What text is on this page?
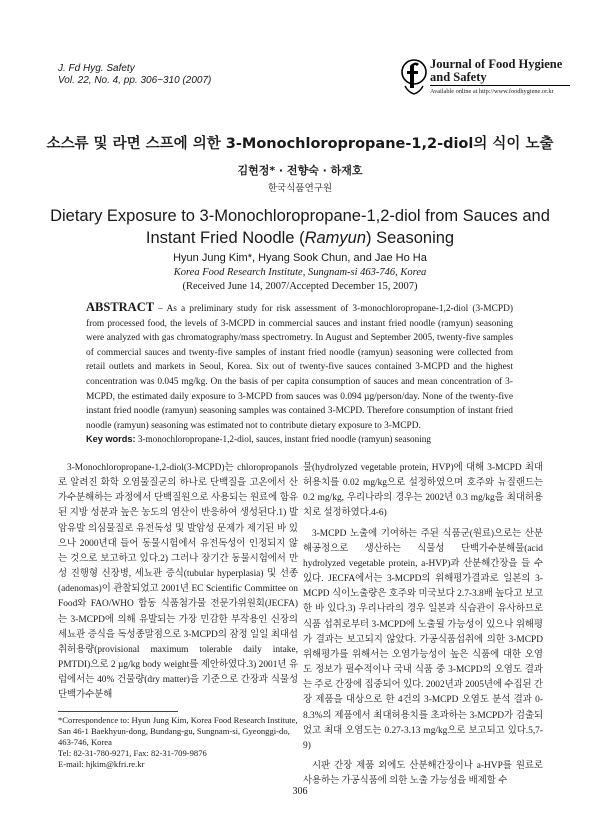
J. Fd Hyg. Safety
Vol. 22, No. 4, pp. 306~310 (2007)
Journal of Food Hygiene
and Safety
Available online at http://www.foodhygiene.or.kr
소스류 및 라면 스프에 의한 3-Monochloropropane-1,2-diol의 식이 노출
김현정* · 전향숙 · 하재호
한국식품연구원
Dietary Exposure to 3-Monochloropropane-1,2-diol from Sauces and
Instant Fried Noodle (Ramyun) Seasoning
Hyun Jung Kim*, Hyang Sook Chun, and Jae Ho Ha
Korea Food Research Institute, Sungnam-si 463-746, Korea
(Received June 14, 2007/Accepted December 15, 2007)
ABSTRACT – As a preliminary study for risk assessment of 3-monochloropropane-1,2-diol (3-MCPD) from processed food, the levels of 3-MCPD in commercial sauces and instant fried noodle (ramyun) seasoning were analyzed with gas chromatography/mass spectrometry. In August and September 2005, twenty-five samples of commercial sauces and twenty-five samples of instant fried noodle (ramyun) seasoning were collected from retail outlets and markets in Seoul, Korea. Six out of twenty-five sauces contained 3-MCPD and the highest concentration was 0.045 mg/kg. On the basis of per capita consumption of sauces and mean concentration of 3-MCPD, the estimated daily exposure to 3-MCPD from sauces was 0.094 µg/person/day. None of the twenty-five instant fried noodle (ramyun) seasoning samples was contained 3-MCPD. Therefore consumption of instant fried noodle (ramyun) seasoning was estimated not to contribute dietary exposure to 3-MCPD.
Key words: 3-monochloropropane-1,2-diol, sauces, instant fried noodle (ramyun) seasoning

3-Monochloropropane-1,2-diol(3-MCPD)는 chloropropanols로 알려진 화학 오염물질군의 하나로 단백질을 고온에서 산가수분해하는 과정에서 단백질원으로 사용되는 원료에 함유된 지방 성분과 높은 농도의 염산이 반응하여 생성된다.1) 발암유발 의심물질로 유전독성 및 발암성 문제가 제기된 바 있으나 2000년대 들어 동물시험에서 유전독성이 인정되지 않는 것으로 보고하고 있다.2) 그러나 장기간 동물시험에서 만성 진행형 신장병, 세뇨관 증식(tubular hyperplasia) 및 선종(adenomas)이 관찰되었고 2001년 EC Scientific Committee on Food와 FAO/WHO 합동 식품첨가물 전문가위원회(JECFA)는 3-MCPD에 의해 유발되는 가장 민감한 부작용인 신장의 세뇨관 증식을 독성종말점으로 3-MCPD의 잠정 일일 최대섭취허용량(provisional maximum tolerable daily intake, PMTDI)으로 2 µg/kg body weight를 제안하였다.3) 2001년 유럽에서는 40% 건물량(dry matter)을 기준으로 간장과 식물성 단백가수분해

물(hydrolyzed vegetable protein, HVP)에 대해 3-MCPD 최대 허용치를 0.02 mg/kg으로 설정하였으며 호주와 뉴질랜드는 0.2 mg/kg, 우리나라의 경우는 2002년 0.3 mg/kg을 최대허용치로 설정하였다.4-6)

3-MCPD 노출에 기여하는 주된 식품군(원료)으로는 산분해공정으로 생산하는 식물성 단백가수분해물(acid hydrolyzed vegetable protein, a-HVP)과 산분해간장을 들 수 있다. JECFA에서는 3-MCPD의 위해평가결과로 일본의 3-MCPD 식이노출량은 호주와 미국보다 2.7-3.8배 높다고 보고한 바 있다.3) 우리나라의 경우 일본과 식습관이 유사하므로 식품 섭취로부터 3-MCPD에 노출될 가능성이 있으나 위해평가 결과는 보고되지 않았다. 가공식품섭취에 의한 3-MCPD 위해평가를 위해서는 오염가능성이 높은 식품에 대한 오염도 정보가 필수적이나 국내 식품 중 3-MCPD의 오염도 결과는 주로 간장에 집중되어 있다. 2002년과 2005년에 수집된 간장 제품을 대상으로 한 4건의 3-MCPD 오염도 분석 결과 0-8.3%의 제품에서 최대허용치를 초과하는 3-MCPD가 검출되었고 최대 오염도는 0.27-3.13 mg/kg으로 보고되고 있다.5,7-9)

시판 간장 제품 외에도 산분해간장이나 a-HVP를 원료로 사용하는 가공식품에 의한 노출 가능성을 배제할 수

*Correspondence to: Hyun Jung Kim, Korea Food Research Institute, San 46-1 Baekhyun-dong, Bundang-gu, Sungnam-si, Gyeonggi-do, 463-746, Korea
Tel: 82-31-780-9271, Fax: 82-31-709-9876
E-mail: hjkim@kfri.re.kr
306
